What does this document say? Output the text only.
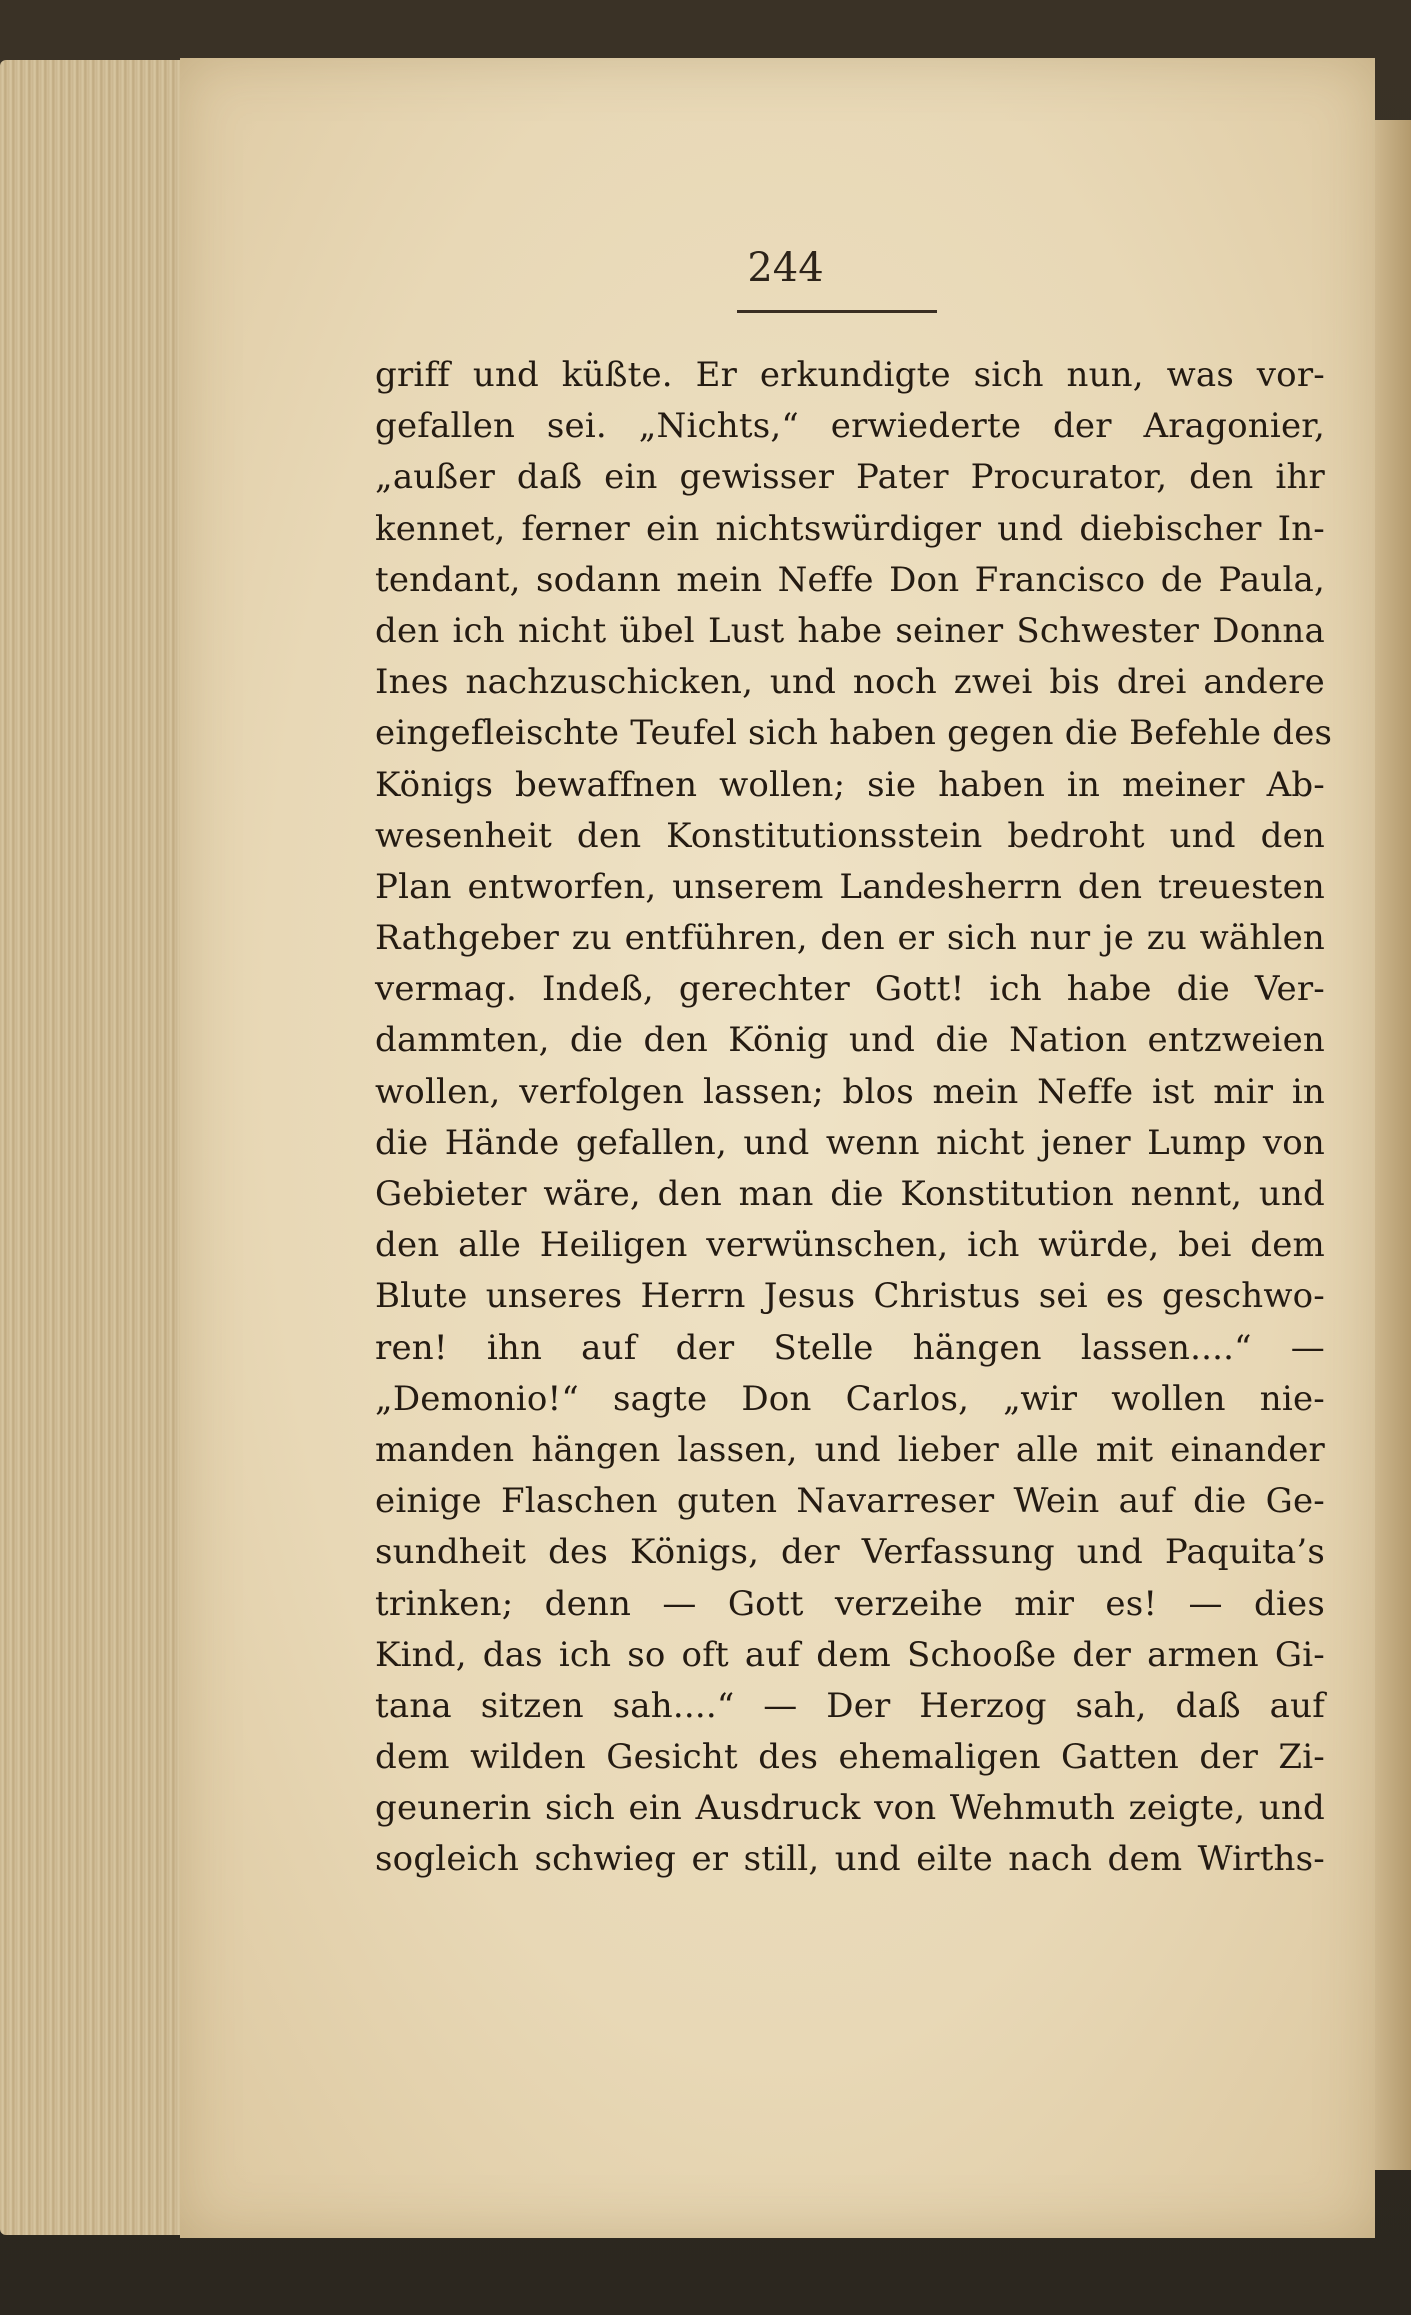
244
griff und küßte. Er erkundigte sich nun, was vor-
gefallen sei. „Nichts,“ erwiederte der Aragonier,
„außer daß ein gewisser Pater Procurator, den ihr
kennet, ferner ein nichtswürdiger und diebischer In-
tendant, sodann mein Neffe Don Francisco de Paula,
den ich nicht übel Lust habe seiner Schwester Donna
Ines nachzuschicken, und noch zwei bis drei andere
eingefleischte Teufel sich haben gegen die Befehle des
Königs bewaffnen wollen; sie haben in meiner Ab-
wesenheit den Konstitutionsstein bedroht und den
Plan entworfen, unserem Landesherrn den treuesten
Rathgeber zu entführen, den er sich nur je zu wählen
vermag. Indeß, gerechter Gott! ich habe die Ver-
dammten, die den König und die Nation entzweien
wollen, verfolgen lassen; blos mein Neffe ist mir in
die Hände gefallen, und wenn nicht jener Lump von
Gebieter wäre, den man die Konstitution nennt, und
den alle Heiligen verwünschen, ich würde, bei dem
Blute unseres Herrn Jesus Christus sei es geschwo-
ren! ihn auf der Stelle hängen lassen....“ —
„Demonio!“ sagte Don Carlos, „wir wollen nie-
manden hängen lassen, und lieber alle mit einander
einige Flaschen guten Navarreser Wein auf die Ge-
sundheit des Königs, der Verfassung und Paquita’s
trinken; denn — Gott verzeihe mir es! — dies
Kind, das ich so oft auf dem Schooße der armen Gi-
tana sitzen sah....“ — Der Herzog sah, daß auf
dem wilden Gesicht des ehemaligen Gatten der Zi-
geunerin sich ein Ausdruck von Wehmuth zeigte, und
sogleich schwieg er still, und eilte nach dem Wirths-
